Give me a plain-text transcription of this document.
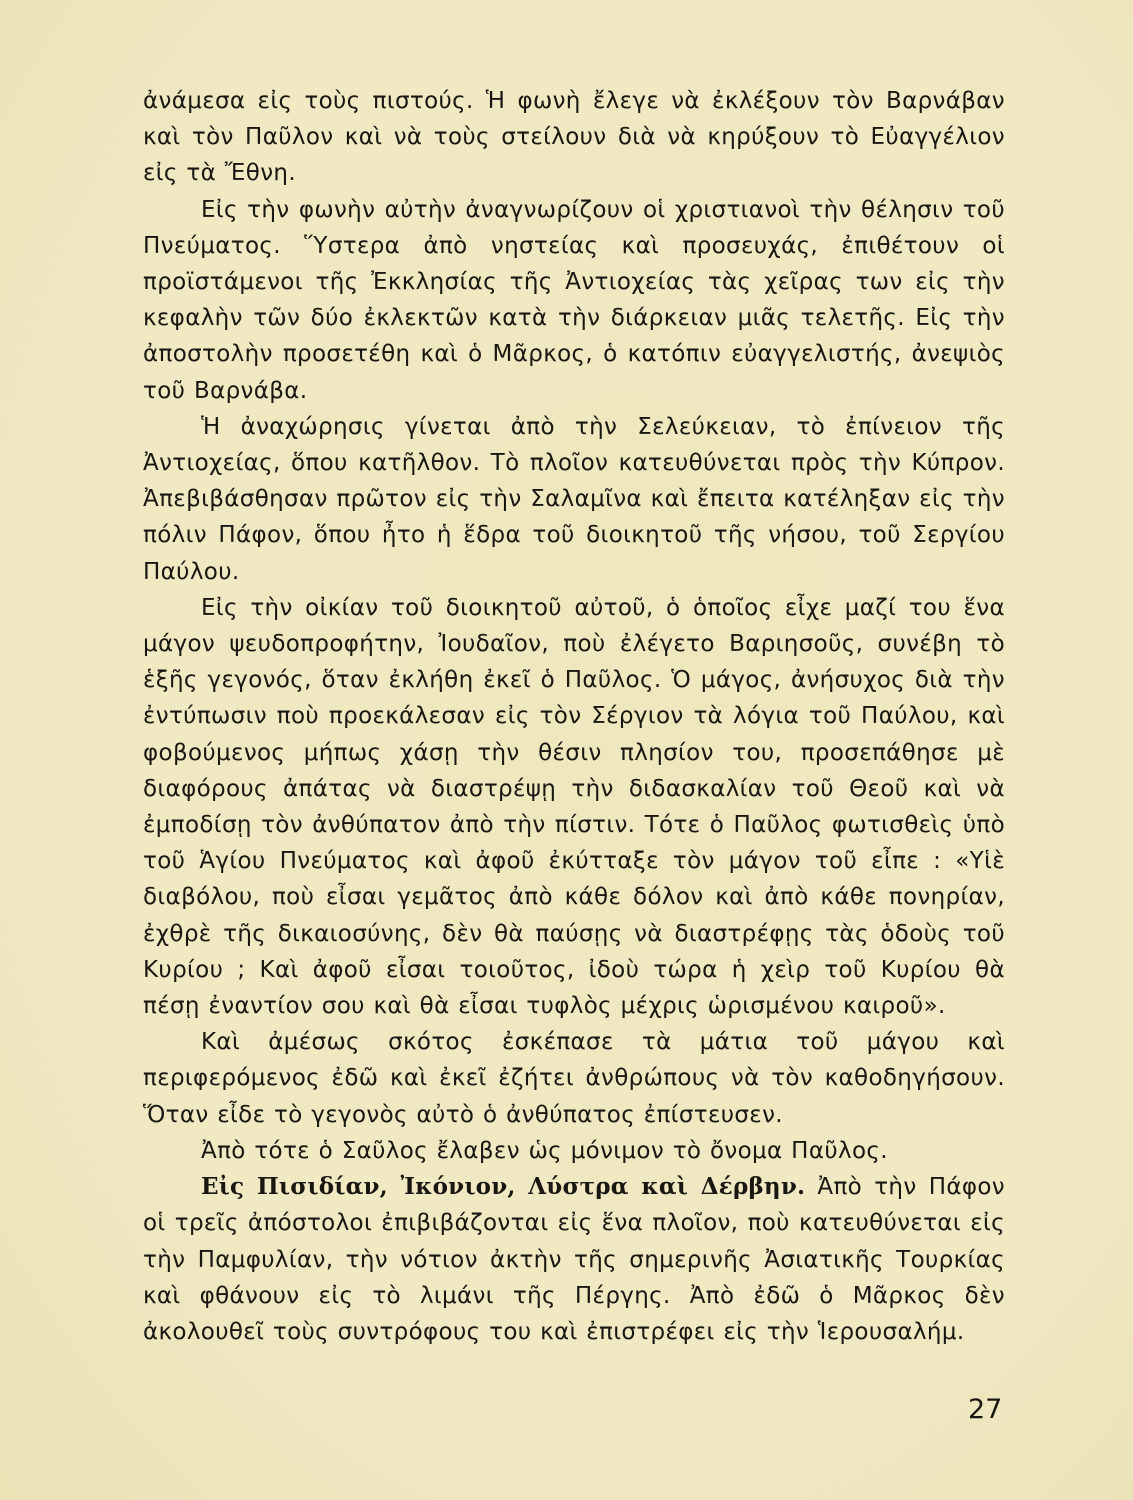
ἀνάμεσα εἰς τοὺς πιστούς. Ἡ φωνὴ ἔλεγε νὰ ἐκλέξουν τὸν Βαρνάβαν καὶ τὸν Παῦλον καὶ νὰ τοὺς στείλουν διὰ νὰ κηρύξουν τὸ Εὐαγγέλιον εἰς τὰ Ἔθνη.

Εἰς τὴν φωνὴν αὐτὴν ἀναγνωρίζουν οἱ χριστιανοὶ τὴν θέλησιν τοῦ Πνεύματος. Ὕστερα ἀπὸ νηστείας καὶ προσευχάς, ἐπιθέτουν οἱ προϊστάμενοι τῆς Ἐκκλησίας τῆς Ἀντιοχείας τὰς χεῖρας των εἰς τὴν κεφαλὴν τῶν δύο ἐκλεκτῶν κατὰ τὴν διάρκειαν μιᾶς τελετῆς. Εἰς τὴν ἀποστολὴν προσετέθη καὶ ὁ Μᾶρκος, ὁ κατόπιν εὐαγγελιστής, ἀνεψιὸς τοῦ Βαρνάβα.

Ἡ ἀναχώρησις γίνεται ἀπὸ τὴν Σελεύκειαν, τὸ ἐπίνειον τῆς Ἀντιοχείας, ὅπου κατῆλθον. Τὸ πλοῖον κατευθύνεται πρὸς τὴν Κύπρον. Ἀπεβιβάσθησαν πρῶτον εἰς τὴν Σαλαμῖνα καὶ ἔπειτα κατέληξαν εἰς τὴν πόλιν Πάφον, ὅπου ἦτο ἡ ἕδρα τοῦ διοικητοῦ τῆς νήσου, τοῦ Σεργίου Παύλου.

Εἰς τὴν οἰκίαν τοῦ διοικητοῦ αὐτοῦ, ὁ ὁποῖος εἶχε μαζί του ἕνα μάγον ψευδοπροφήτην, Ἰουδαῖον, ποὺ ἐλέγετο Βαριησοῦς, συνέβη τὸ ἑξῆς γεγονός, ὅταν ἐκλήθη ἐκεῖ ὁ Παῦλος. Ὁ μάγος, ἀνήσυχος διὰ τὴν ἐντύπωσιν ποὺ προεκάλεσαν εἰς τὸν Σέργιον τὰ λόγια τοῦ Παύλου, καὶ φοβούμενος μήπως χάσῃ τὴν θέσιν πλησίον του, προσεπάθησε μὲ διαφόρους ἀπάτας νὰ διαστρέψῃ τὴν διδασκαλίαν τοῦ Θεοῦ καὶ νὰ ἐμποδίσῃ τὸν ἀνθύπατον ἀπὸ τὴν πίστιν. Τότε ὁ Παῦλος φωτισθεὶς ὑπὸ τοῦ Ἁγίου Πνεύματος καὶ ἀφοῦ ἐκύτταξε τὸν μάγον τοῦ εἶπε : «Υἱὲ διαβόλου, ποὺ εἶσαι γεμᾶτος ἀπὸ κάθε δόλον καὶ ἀπὸ κάθε πονηρίαν, ἐχθρὲ τῆς δικαιοσύνης, δὲν θὰ παύσῃς νὰ διαστρέφῃς τὰς ὁδοὺς τοῦ Κυρίου ; Καὶ ἀφοῦ εἶσαι τοιοῦτος, ἰδοὺ τώρα ἡ χεὶρ τοῦ Κυρίου θὰ πέσῃ ἐναντίον σου καὶ θὰ εἶσαι τυφλὸς μέχρις ὡρισμένου καιροῦ».

Καὶ ἀμέσως σκότος ἐσκέπασε τὰ μάτια τοῦ μάγου καὶ περιφερόμενος ἐδῶ καὶ ἐκεῖ ἐζήτει ἀνθρώπους νὰ τὸν καθοδηγήσουν. Ὅταν εἶδε τὸ γεγονὸς αὐτὸ ὁ ἀνθύπατος ἐπίστευσεν.

Ἀπὸ τότε ὁ Σαῦλος ἔλαβεν ὡς μόνιμον τὸ ὄνομα Παῦλος.

Εἰς Πισιδίαν, Ἰκόνιον, Λύστρα καὶ Δέρβην. Ἀπὸ τὴν Πάφον οἱ τρεῖς ἀπόστολοι ἐπιβιβάζονται εἰς ἕνα πλοῖον, ποὺ κατευθύνεται εἰς τὴν Παμφυλίαν, τὴν νότιον ἀκτὴν τῆς σημερινῆς Ἀσιατικῆς Τουρκίας καὶ φθάνουν εἰς τὸ λιμάνι τῆς Πέργης. Ἀπὸ ἐδῶ ὁ Μᾶρκος δὲν ἀκολουθεῖ τοὺς συντρόφους του καὶ ἐπιστρέφει εἰς τὴν Ἱερουσαλήμ.

27
